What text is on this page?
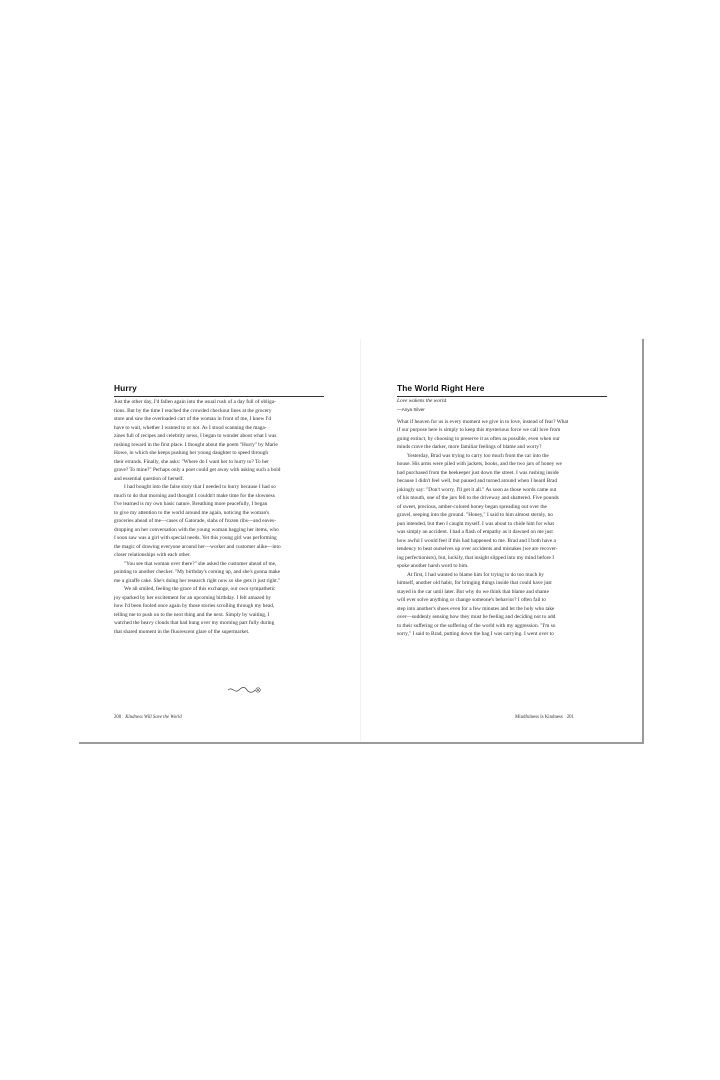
Hurry

Just the other day, I'd fallen again into the usual rush of a day full of obliga-
tions. But by the time I reached the crowded checkout lines at the grocery
store and saw the overloaded cart of the woman in front of me, I knew I'd
have to wait, whether I wanted to or not. As I stood scanning the maga-
zines full of recipes and celebrity news, I began to wonder about what I was
rushing toward in the first place. I thought about the poem "Hurry" by Marie
Howe, in which she keeps pushing her young daughter to speed through
their errands. Finally, she asks: "Where do I want her to hurry to? To her
grave? To mine?" Perhaps only a poet could get away with asking such a bold
and essential question of herself.

I had bought into the false story that I needed to hurry because I had so
much to do that morning and thought I couldn't make time for the slowness
I've learned is my own basic nature. Breathing more peacefully, I began
to give my attention to the world around me again, noticing the woman's
groceries ahead of me—cases of Gatorade, slabs of frozen ribs—and eaves-
dropping on her conversation with the young woman bagging her items, who
I soon saw was a girl with special needs. Yet this young girl was performing
the magic of drawing everyone around her—worker and customer alike—into
closer relationships with each other.

"You see that woman over there?" she asked the customer ahead of me,
pointing to another checker. "My birthday's coming up, and she's gonna make
me a giraffe cake. She's doing her research right now so she gets it just right."

We all smiled, feeling the grace of this exchange, our own sympathetic
joy sparked by her excitement for an upcoming birthday. I felt amazed by
how I'd been fooled once again by those stories scrolling through my head,
telling me to push on to the next thing and the next. Simply by waiting, I
watched the heavy clouds that had hung over my morning part fully during
that shared moment in the fluorescent glare of the supermarket.

The World Right Here

Love wakens the world.

—Anya Silver

What if heaven for us is every moment we give in to love, instead of fear? What
if our purpose here is simply to keep this mysterious force we call love from
going extinct, by choosing to preserve it as often as possible, even when our
minds crave the darker, more familiar feelings of blame and worry?

Yesterday, Brad was trying to carry too much from the car into the
house. His arms were piled with jackets, books, and the two jars of honey we
had purchased from the beekeeper just down the street. I was rushing inside
because I didn't feel well, but paused and turned around when I heard Brad
jokingly say: "Don't worry, I'll get it all." As soon as those words came out
of his mouth, one of the jars fell to the driveway and shattered. Five pounds
of sweet, precious, amber-colored honey began spreading out over the
gravel, seeping into the ground. "Honey," I said to him almost sternly, no
pun intended, but then I caught myself. I was about to chide him for what
was simply an accident. I had a flash of empathy as it dawned on me just
how awful I would feel if this had happened to me. Brad and I both have a
tendency to beat ourselves up over accidents and mistakes (we are recover-
ing perfectionists), but, luckily, that insight slipped into my mind before I
spoke another harsh word to him.

At first, I had wanted to blame him for trying to do too much by
himself, another old habit, for bringing things inside that could have just
stayed in the car until later. But why do we think that blame and shame
will ever solve anything or change someone's behavior? I often fail to
step into another's shoes even for a few minutes and let the holy who take
over—suddenly sensing how they must be feeling and deciding not to add
to their suffering or the suffering of the world with my aggression. "I'm so
sorry," I said to Brad, putting down the bag I was carrying. I went over to

200 Kindness Will Save the World	Mindfulness Is Kindness 201
